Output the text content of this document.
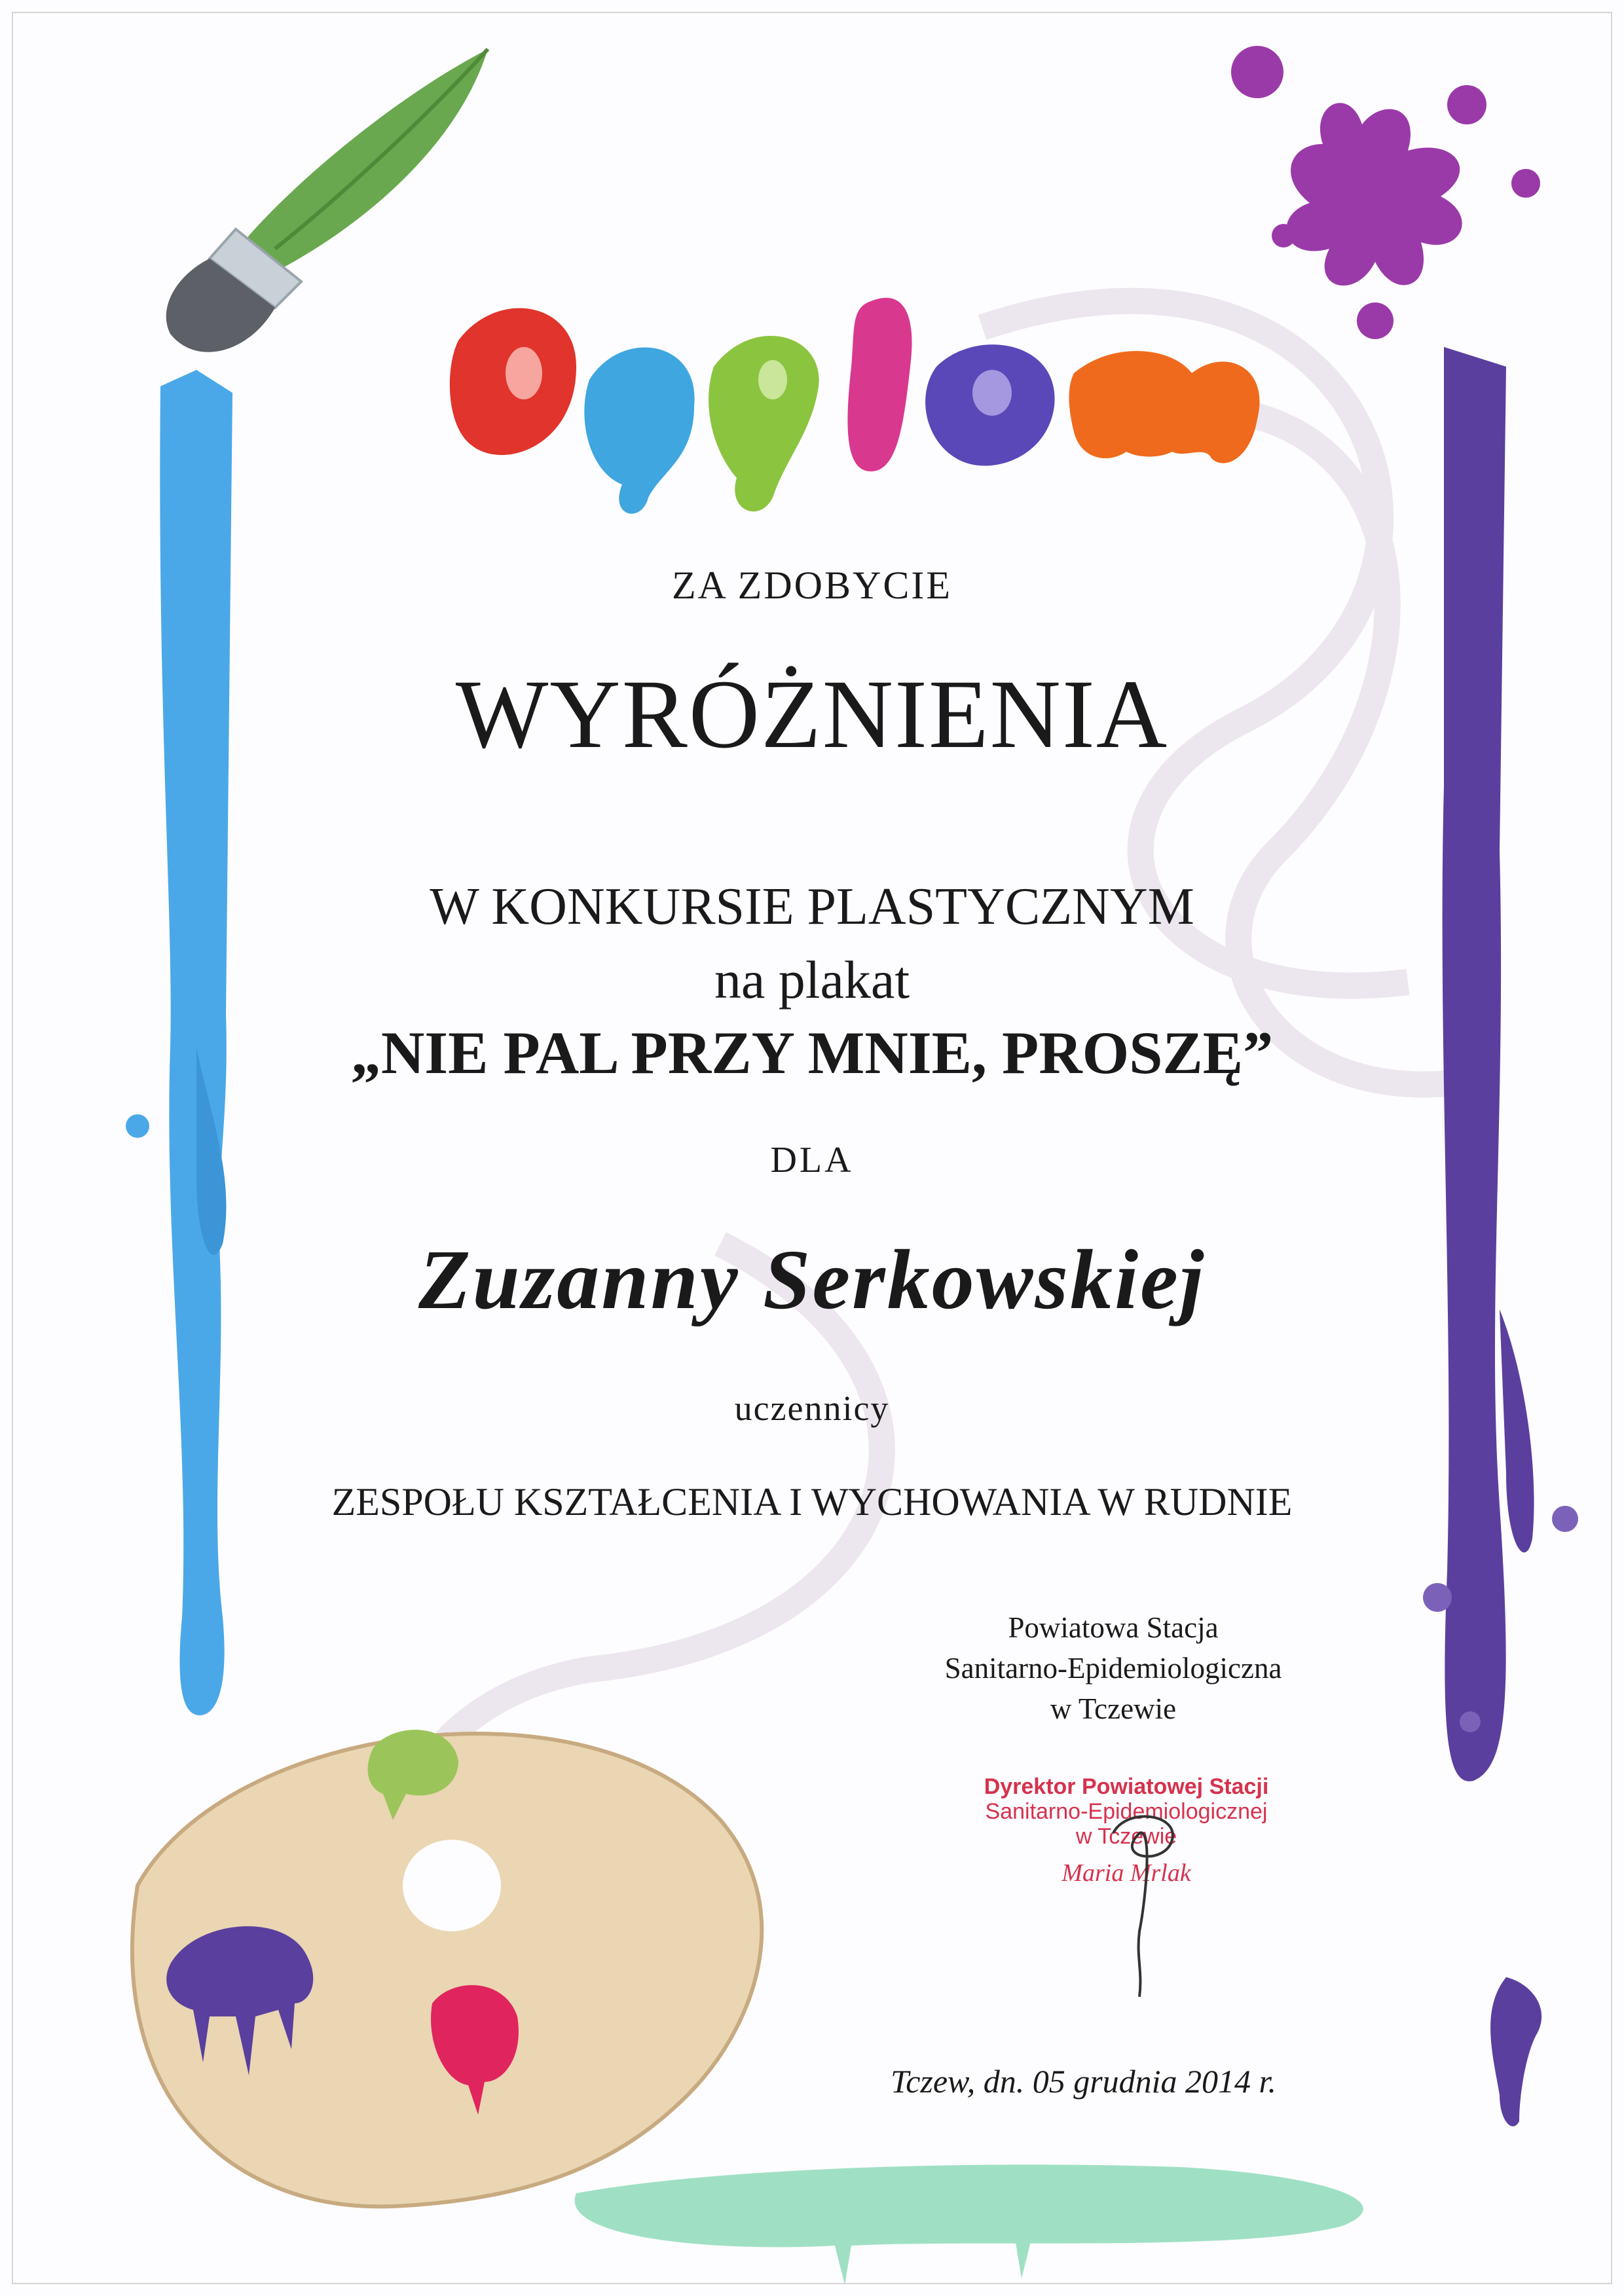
ZA ZDOBYCIE
WYRÓŻNIENIA
W KONKURSIE PLASTYCZNYM
na plakat
„NIE PAL PRZY MNIE, PROSZĘ”
DLA
Zuzanny Serkowskiej
uczennicy
ZESPOŁU KSZTAŁCENIA I WYCHOWANIA W RUDNIE
Powiatowa Stacja
Sanitarno-Epidemiologiczna
w Tczewie
Dyrektor Powiatowej Stacji
Sanitarno-Epidemiologicznej
w Tczewie
Maria Mrlak
Tczew, dn. 05 grudnia 2014 r.
